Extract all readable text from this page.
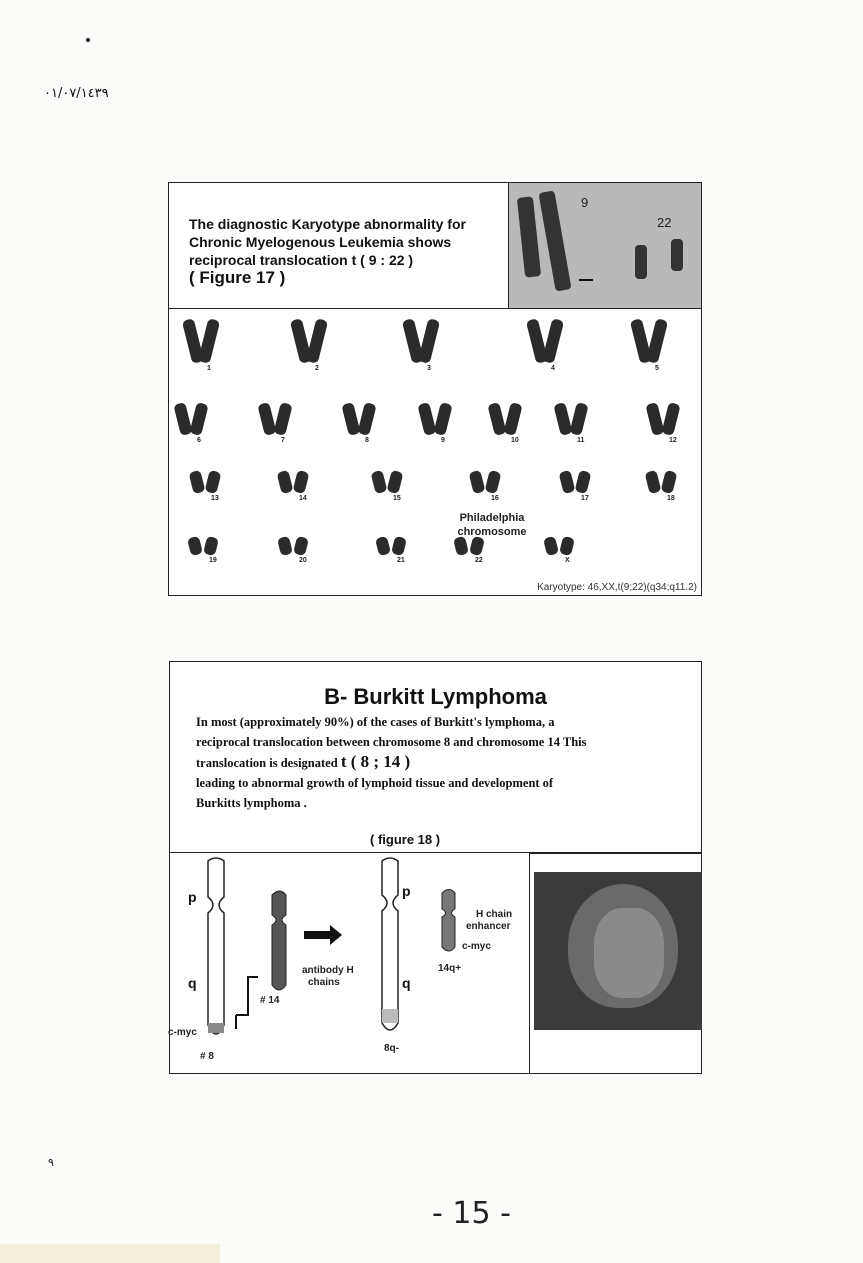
٠١/٠٧/١٤٣٩

The diagnostic Karyotype abnormality for
Chronic Myelogenous Leukemia shows
reciprocal translocation t ( 9 : 22 )
( Figure 17 )

9
22
1	2	3	4	5
6	7	8	9	10	11	12
13	14	15	16	17	18
19	20	21	22	X
Philadelphia
chromosome
Karyotype: 46,XX,t(9;22)(q34;q11.2)
B- Burkitt Lymphoma
In most (approximately 90%) of the cases of Burkitt's lymphoma, a
reciprocal translocation between chromosome 8 and chromosome 14 This
translocation is designated t ( 8 ; 14 )
leading to abnormal growth of lymphoid tissue and development of
Burkitts lymphoma .
( figure 18 )
p
q
c-myc
# 8
# 14
antibody H
chains
p
q
8q-
H chain
enhancer
c-myc
14q+
٩
- 15 -
